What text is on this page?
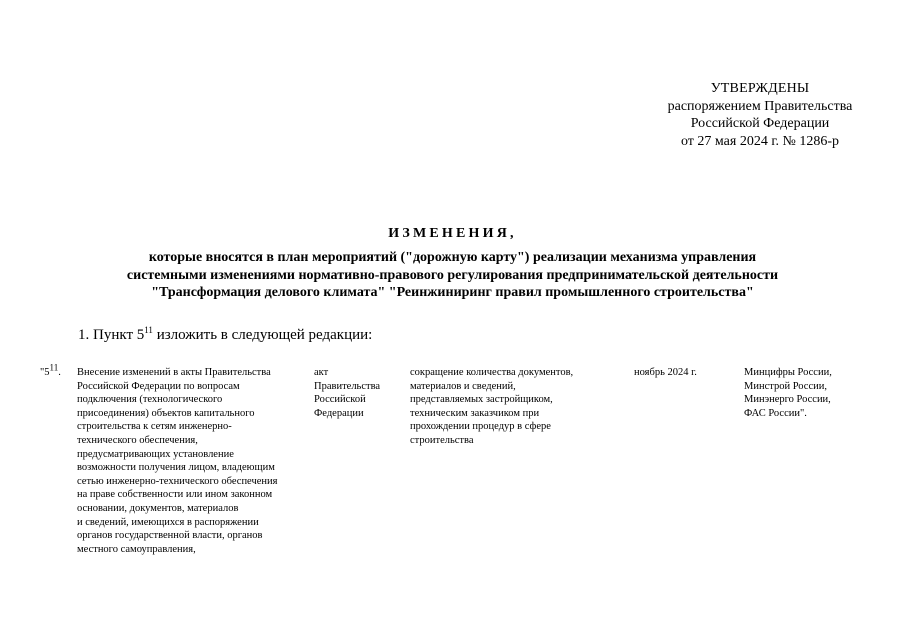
УТВЕРЖДЕНЫ
распоряжением Правительства
Российской Федерации
от 27 мая 2024 г. № 1286-р
ИЗМЕНЕНИЯ,
которые вносятся в план мероприятий ("дорожную карту") реализации механизма управления
системными изменениями нормативно-правового регулирования предпринимательской деятельности
"Трансформация делового климата" "Реинжиниринг правил промышленного строительства"
1. Пункт $5^{11}$ изложить в следующей редакции:
"$5^{11}$. Внесение изменений в акты Правительства
Российской Федерации по вопросам
подключения (технологического
присоединения) объектов капитального
строительства к сетям инженерно-
технического обеспечения,
предусматривающих установление
возможности получения лицом, владеющим
сетью инженерно-технического обеспечения
на праве собственности или ином законном
основании, документов, материалов
и сведений, имеющихся в распоряжении
органов государственной власти, органов
местного самоуправления,
акт
Правительства
Российской
Федерации
сокращение количества документов,
материалов и сведений,
представляемых застройщиком,
техническим заказчиком при
прохождении процедур в сфере
строительства
ноябрь 2024 г.	Минцифры России,
Минстрой России,
Минэнерго России,
ФАС России".
